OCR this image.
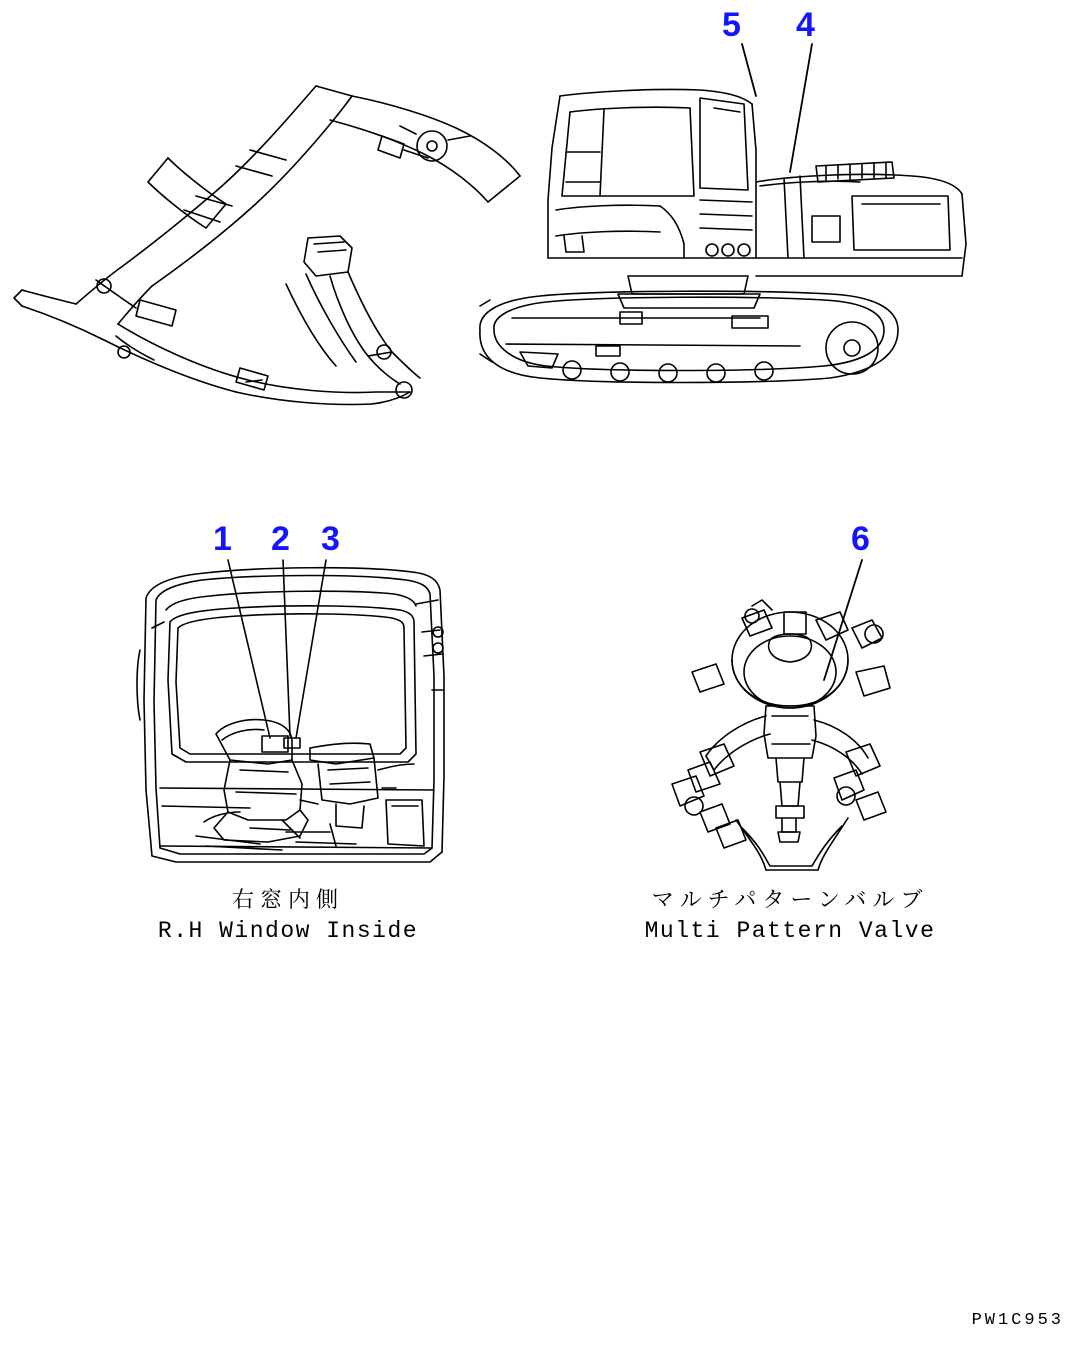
5 4
1 2 3	6
右窓内側
R.H Window Inside
マルチパターンバルブ
Multi Pattern Valve
PW1C953
